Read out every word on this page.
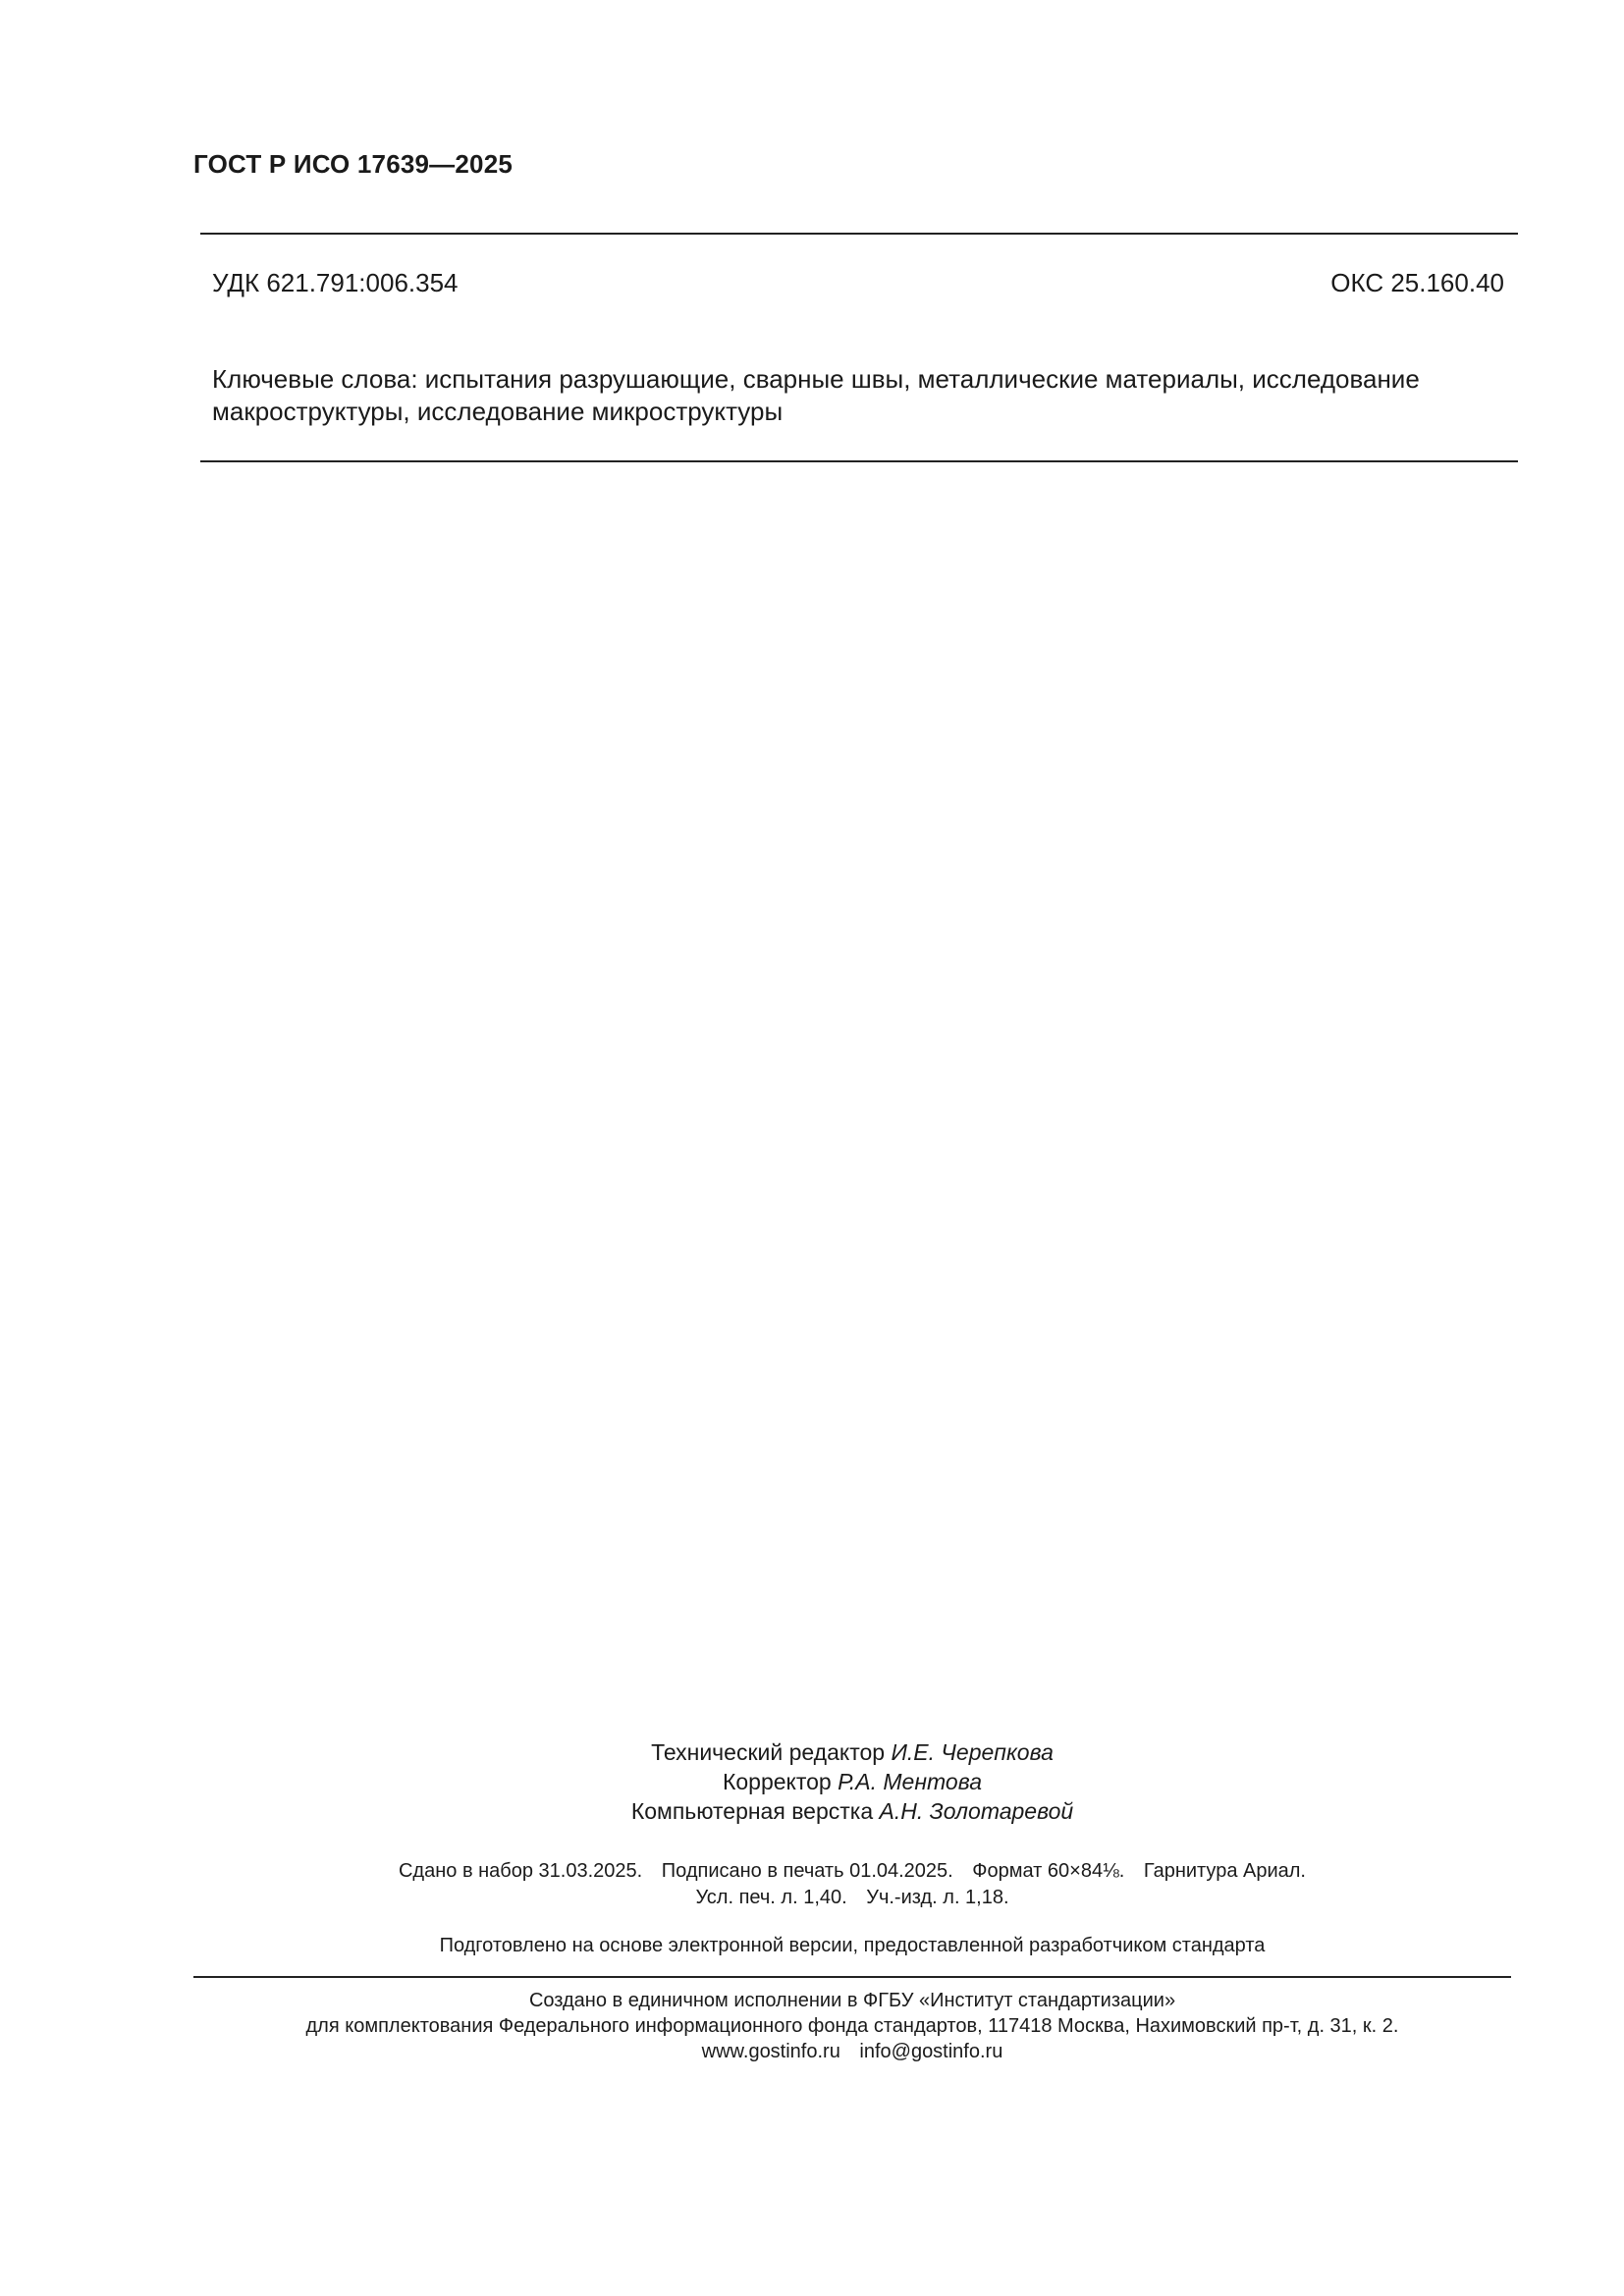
ГОСТ Р ИСО 17639—2025
УДК 621.791:006.354	ОКС 25.160.40
Ключевые слова: испытания разрушающие, сварные швы, металлические материалы, исследование макроструктуры, исследование микроструктуры
Технический редактор И.Е. Черепкова
Корректор Р.А. Ментова
Компьютерная верстка А.Н. Золотаревой
Сдано в набор 31.03.2025. Подписано в печать 01.04.2025. Формат 60×84⅛. Гарнитура Ариал.
Усл. печ. л. 1,40. Уч.-изд. л. 1,18.
Подготовлено на основе электронной версии, предоставленной разработчиком стандарта
Создано в единичном исполнении в ФГБУ «Институт стандартизации»
для комплектования Федерального информационного фонда стандартов, 117418 Москва, Нахимовский пр-т, д. 31, к. 2.
www.gostinfo.ru info@gostinfo.ru
